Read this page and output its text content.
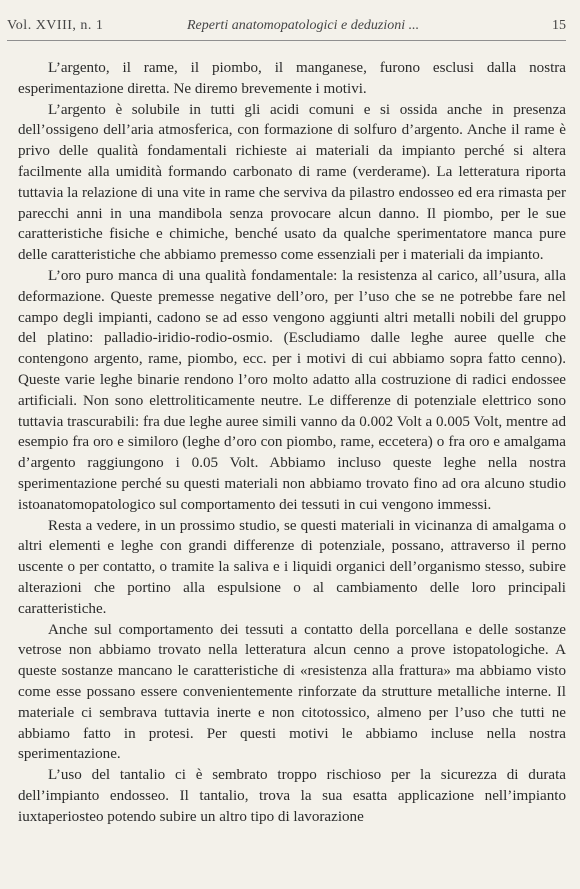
Vol. XVIII, n. 1	Reperti anatomopatologici e deduzioni ...	15

L’argento, il rame, il piombo, il manganese, furono esclusi dalla nostra esperimentazione diretta. Ne diremo brevemente i motivi.

L’argento è solubile in tutti gli acidi comuni e si ossida anche in presenza dell’ossigeno dell’aria atmosferica, con formazione di solfuro d’argento. Anche il rame è privo delle qualità fondamentali richieste ai materiali da impianto perché si altera facilmente alla umidità formando carbonato di rame (verderame). La letteratura riporta tuttavia la relazione di una vite in rame che serviva da pilastro endosseo ed era rimasta per parecchi anni in una mandibola senza provocare alcun danno. Il piombo, per le sue caratteristiche fisiche e chimiche, benché usato da qualche sperimentatore manca pure delle caratteristiche che abbiamo premesso come essenziali per i materiali da impianto.

L’oro puro manca di una qualità fondamentale: la resistenza al carico, all’usura, alla deformazione. Queste premesse negative dell’oro, per l’uso che se ne potrebbe fare nel campo degli impianti, cadono se ad esso vengono aggiunti altri metalli nobili del gruppo del platino: palladio-iridio-rodio-osmio. (Escludiamo dalle leghe auree quelle che contengono argento, rame, piombo, ecc. per i motivi di cui abbiamo sopra fatto cenno). Queste varie leghe binarie rendono l’oro molto adatto alla costruzione di radici endossee artificiali. Non sono elettroliticamente neutre. Le differenze di potenziale elettrico sono tuttavia trascurabili: fra due leghe auree simili vanno da 0.002 Volt a 0.005 Volt, mentre ad esempio fra oro e similoro (leghe d’oro con piombo, rame, eccetera) o fra oro e amalgama d’argento raggiungono i 0.05 Volt. Abbiamo incluso queste leghe nella nostra sperimentazione perché su questi materiali non abbiamo trovato fino ad ora alcuno studio istoanatomopatologico sul comportamento dei tessuti in cui vengono immessi.

Resta a vedere, in un prossimo studio, se questi materiali in vicinanza di amalgama o altri elementi e leghe con grandi differenze di potenziale, possano, attraverso il perno uscente o per contatto, o tramite la saliva e i liquidi organici dell’organismo stesso, subire alterazioni che portino alla espulsione o al cambiamento delle loro principali caratteristiche.

Anche sul comportamento dei tessuti a contatto della porcellana e delle sostanze vetrose non abbiamo trovato nella letteratura alcun cenno a prove istopatologiche. A queste sostanze mancano le caratteristiche di «resistenza alla frattura» ma abbiamo visto come esse possano essere convenientemente rinforzate da strutture metalliche interne. Il materiale ci sembrava tuttavia inerte e non citotossico, almeno per l’uso che tutti ne abbiamo fatto in protesi. Per questi motivi le abbiamo incluse nella nostra sperimentazione.

L’uso del tantalio ci è sembrato troppo rischioso per la sicurezza di durata dell’impianto endosseo. Il tantalio, trova la sua esatta applicazione nell’impianto iuxtaperiosteo potendo subire un altro tipo di lavorazione
